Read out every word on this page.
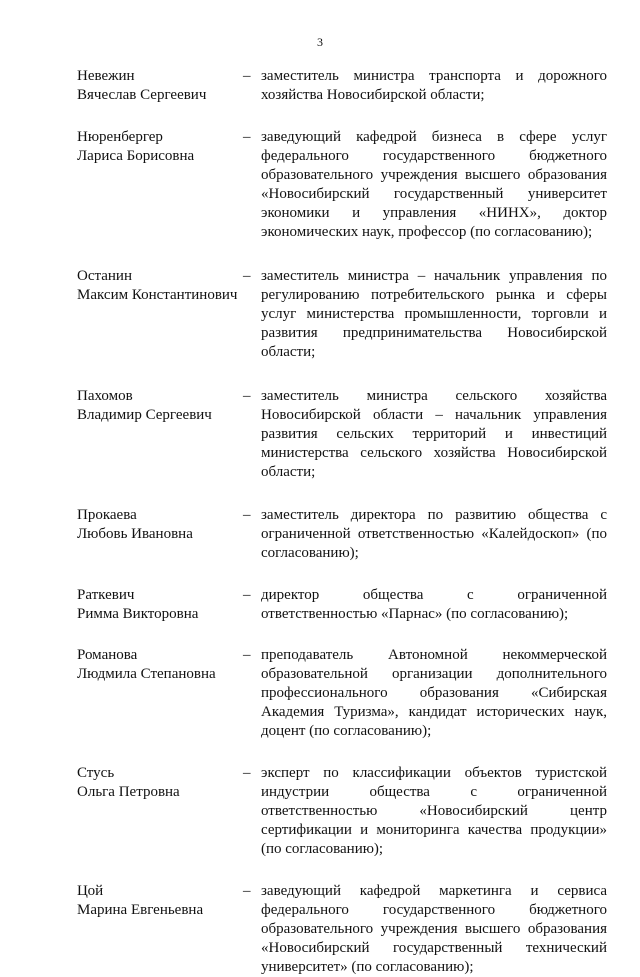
3
Невежин
Вячеслав Сергеевич
– заместитель министра транспорта и дорожного хозяйства Новосибирской области;
Нюренбергер
Лариса Борисовна
– заведующий кафедрой бизнеса в сфере услуг федерального государственного бюджетного образовательного учреждения высшего образования «Новосибирский государственный университет экономики и управления «НИНХ», доктор экономических наук, профессор (по согласованию);
Останин
Максим Константинович
– заместитель министра – начальник управления по регулированию потребительского рынка и сферы услуг министерства промышленности, торговли и развития предпринимательства Новосибирской области;
Пахомов
Владимир Сергеевич
– заместитель министра сельского хозяйства Новосибирской области – начальник управления развития сельских территорий и инвестиций министерства сельского хозяйства Новосибирской области;
Прокаева
Любовь Ивановна
– заместитель директора по развитию общества с ограниченной ответственностью «Калейдоскоп» (по согласованию);
Раткевич
Римма Викторовна
– директор общества с ограниченной ответственностью «Парнас» (по согласованию);
Романова
Людмила Степановна
– преподаватель Автономной некоммерческой образовательной организации дополнительного профессионального образования «Сибирская Академия Туризма», кандидат исторических наук, доцент (по согласованию);
Стусь
Ольга Петровна
– эксперт по классификации объектов туристской индустрии общества с ограниченной ответственностью «Новосибирский центр сертификации и мониторинга качества продукции» (по согласованию);
Цой
Марина Евгеньевна
– заведующий кафедрой маркетинга и сервиса федерального государственного бюджетного образовательного учреждения высшего образования «Новосибирский государственный технический университет» (по согласованию);
